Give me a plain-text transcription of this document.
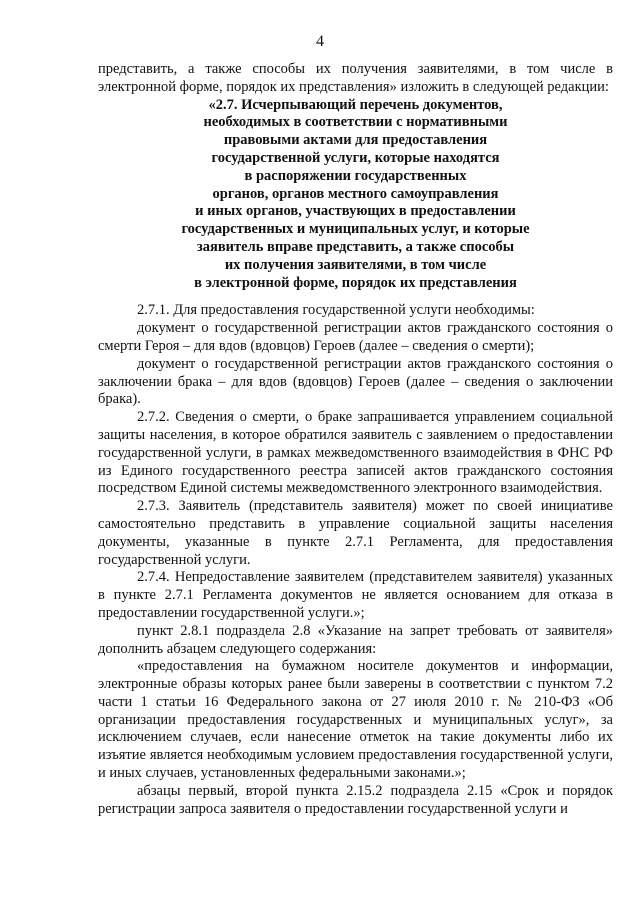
4

представить, а также способы их получения заявителями, в том числе в электронной форме, порядок их представления» изложить в следующей редакции:

«2.7. Исчерпывающий перечень документов,
необходимых в соответствии с нормативными
правовыми актами для предоставления
государственной услуги, которые находятся
в распоряжении государственных
органов, органов местного самоуправления
и иных органов, участвующих в предоставлении
государственных и муниципальных услуг, и которые
заявитель вправе представить, а также способы
их получения заявителями, в том числе
в электронной форме, порядок их представления

2.7.1. Для предоставления государственной услуги необходимы:

документ о государственной регистрации актов гражданского состояния о смерти Героя – для вдов (вдовцов) Героев (далее – сведения о смерти);

документ о государственной регистрации актов гражданского состояния о заключении брака – для вдов (вдовцов) Героев (далее – сведения о заключении брака).

2.7.2. Сведения о смерти, о браке запрашивается управлением социальной защиты населения, в которое обратился заявитель с заявлением о предоставлении государственной услуги, в рамках межведомственного взаимодействия в ФНС РФ из Единого государственного реестра записей актов гражданского состояния посредством Единой системы межведомственного электронного взаимодействия.

2.7.3. Заявитель (представитель заявителя) может по своей инициативе самостоятельно представить в управление социальной защиты населения документы, указанные в пункте 2.7.1 Регламента, для предоставления государственной услуги.

2.7.4. Непредоставление заявителем (представителем заявителя) указанных в пункте 2.7.1 Регламента документов не является основанием для отказа в предоставлении государственной услуги.»;

пункт 2.8.1 подраздела 2.8 «Указание на запрет требовать от заявителя» дополнить абзацем следующего содержания:

«предоставления на бумажном носителе документов и информации, электронные образы которых ранее были заверены в соответствии с пунктом 7.2 части 1 статьи 16 Федерального закона от 27 июля 2010 г. № 210-ФЗ «Об организации предоставления государственных и муниципальных услуг», за исключением случаев, если нанесение отметок на такие документы либо их изъятие является необходимым условием предоставления государственной услуги, и иных случаев, установленных федеральными законами.»;

абзацы первый, второй пункта 2.15.2 подраздела 2.15 «Срок и порядок регистрации запроса заявителя о предоставлении государственной услуги и
